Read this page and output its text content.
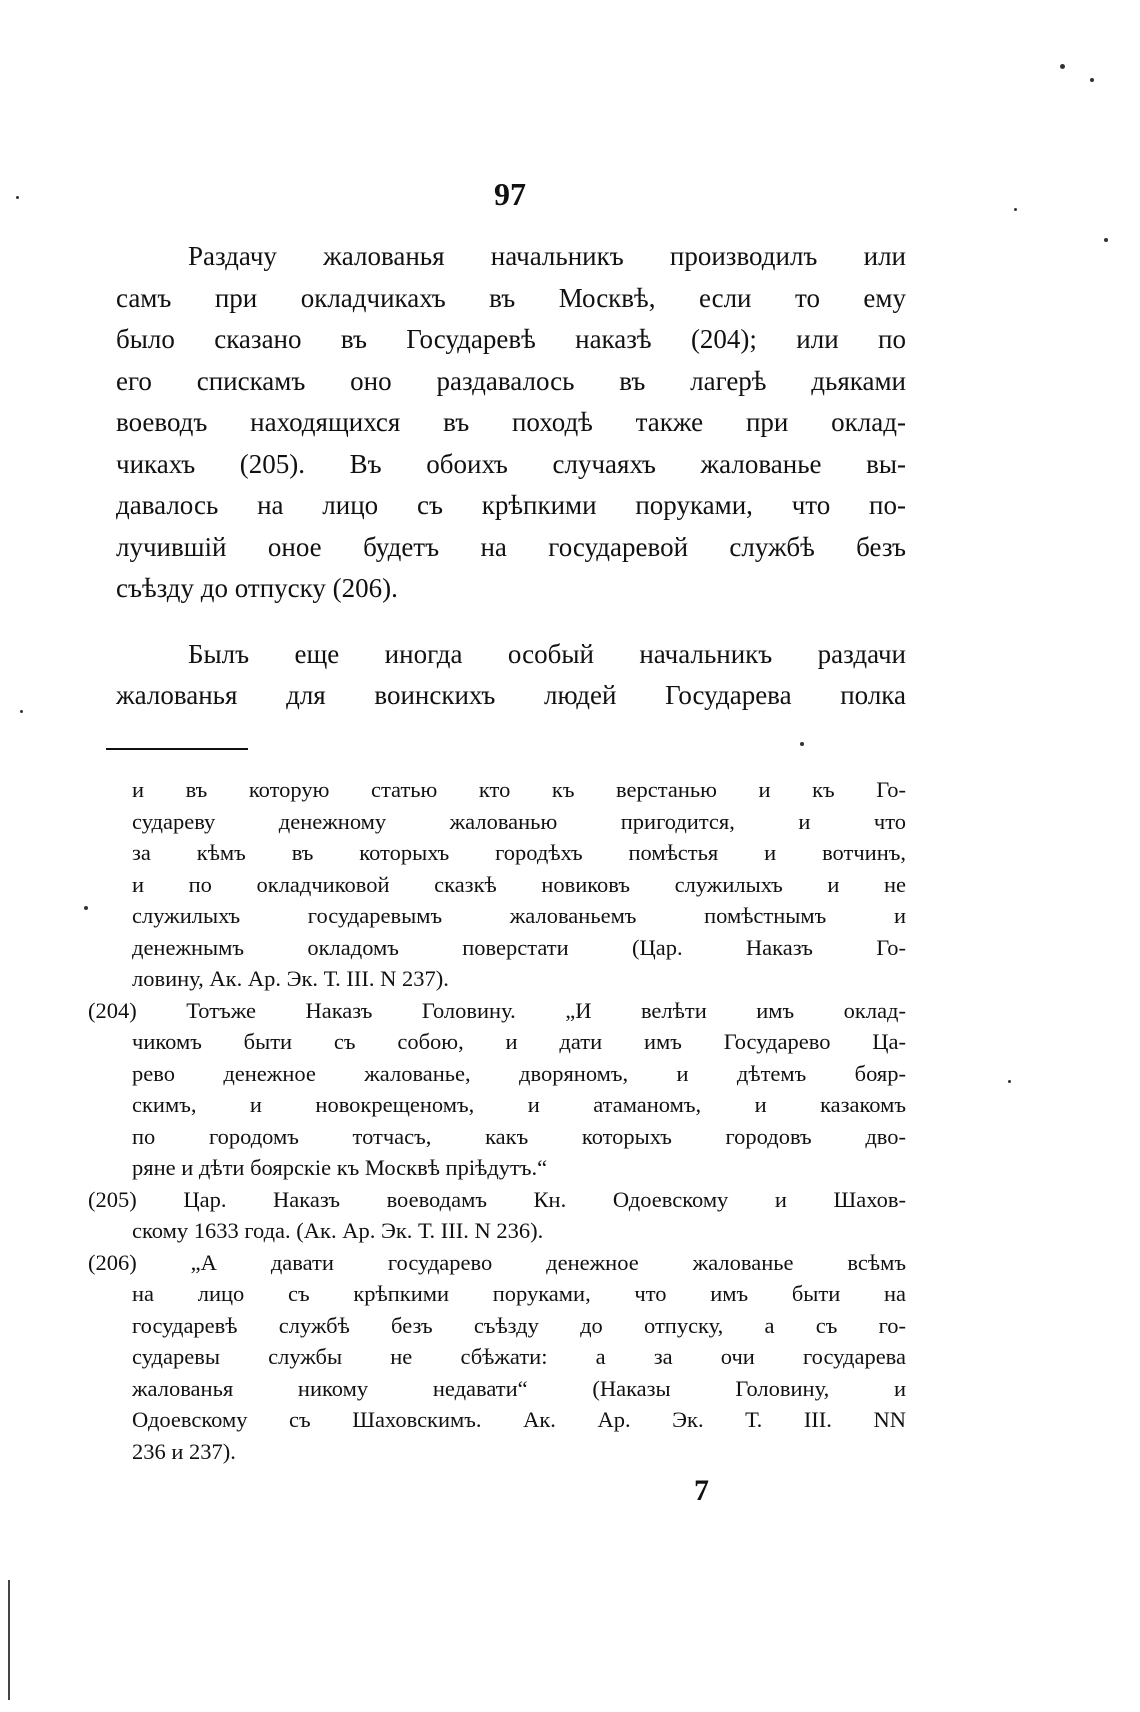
97
Раздачу жалованья начальникъ производилъ или
самъ при окладчикахъ въ Москвѣ, если то ему
было сказано въ Государевѣ наказѣ (204); или по
его спискамъ оно раздавалось въ лагерѣ дьяками
воеводъ находящихся въ походѣ также при оклад-
чикахъ (205). Въ обоихъ случаяхъ жалованье вы-
давалось на лицо съ крѣпкими поруками, что по-
лучившій оное будетъ на государевой службѣ безъ
съѣзду до отпуску (206).
Былъ еще иногда особый начальникъ раздачи
жалованья для воинскихъ людей Государева полка
и въ которую статью кто къ верстанью и къ Го-
судареву денежному жалованью пригодится, и что
за кѣмъ въ которыхъ городѣхъ помѣстья и вотчинъ,
и по окладчиковой сказкѣ новиковъ служилыхъ и не
служилыхъ государевымъ жалованьемъ помѣстнымъ и
денежнымъ окладомъ поверстати (Цар. Наказъ Го-
ловину, Ак. Ар. Эк. Т. III. N 237).
(204) Тотъже Наказъ Головину. „И велѣти имъ оклад-
чикомъ быти съ собою, и дати имъ Государево Ца-
рево денежное жалованье, дворяномъ, и дѣтемъ бояр-
скимъ, и новокрещеномъ, и атаманомъ, и казакомъ
по городомъ тотчасъ, какъ которыхъ городовъ дво-
ряне и дѣти боярскіе къ Москвѣ пріѣдутъ.“
(205) Цар. Наказъ воеводамъ Кн. Одоевскому и Шахов-
скому 1633 года. (Ак. Ар. Эк. Т. III. N 236).
(206) „А давати государево денежное жалованье всѣмъ
на лицо съ крѣпкими поруками, что имъ быти на
государевѣ службѣ безъ съѣзду до отпуску, а съ го-
сударевы службы не сбѣжати: а за очи государева
жалованья никому недавати“ (Наказы Головину, и
Одоевскому съ Шаховскимъ. Ак. Ар. Эк. Т. III. NN
236 и 237).
7
